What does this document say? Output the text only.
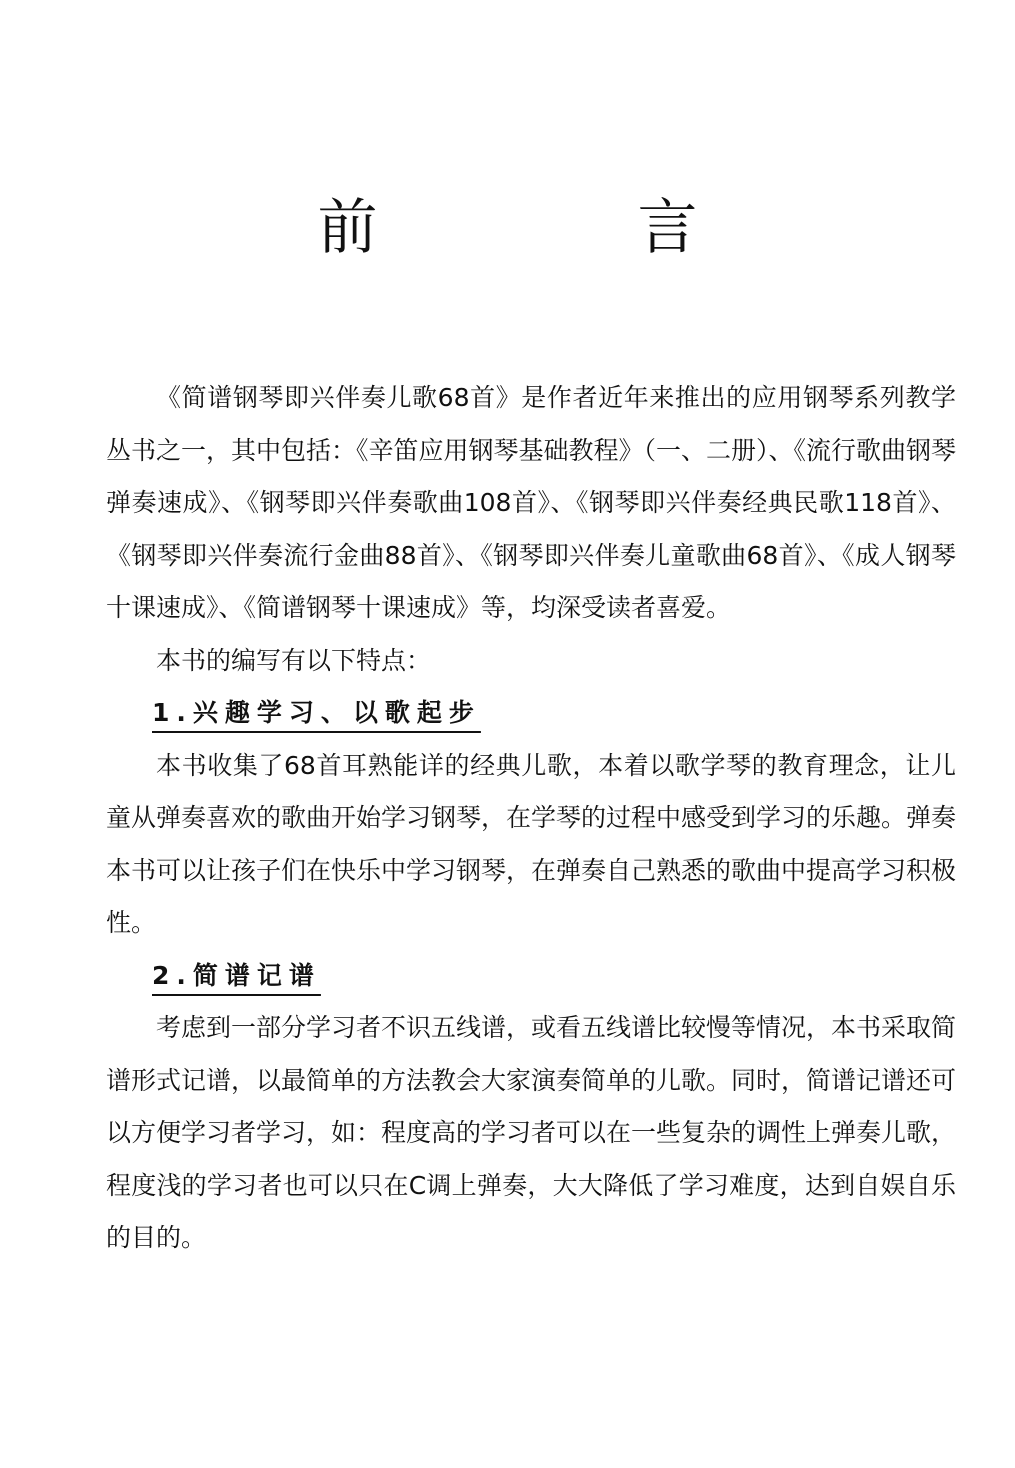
前　言

《简谱钢琴即兴伴奏儿歌68首》是作者近年来推出的应用钢琴系列教学丛书之一，其中包括：《辛笛应用钢琴基础教程》（一、二册）、《流行歌曲钢琴弹奏速成》、《钢琴即兴伴奏歌曲108首》、《钢琴即兴伴奏经典民歌118首》、《钢琴即兴伴奏流行金曲88首》、《钢琴即兴伴奏儿童歌曲68首》、《成人钢琴十课速成》、《简谱钢琴十课速成》等，均深受读者喜爱。

本书的编写有以下特点：

1.兴趣学习、以歌起步

本书收集了68首耳熟能详的经典儿歌，本着以歌学琴的教育理念，让儿童从弹奏喜欢的歌曲开始学习钢琴，在学琴的过程中感受到学习的乐趣。弹奏本书可以让孩子们在快乐中学习钢琴，在弹奏自己熟悉的歌曲中提高学习积极性。

2.简谱记谱

考虑到一部分学习者不识五线谱，或看五线谱比较慢等情况，本书采取简谱形式记谱，以最简单的方法教会大家演奏简单的儿歌。同时，简谱记谱还可以方便学习者学习，如：程度高的学习者可以在一些复杂的调性上弹奏儿歌，程度浅的学习者也可以只在C调上弹奏，大大降低了学习难度，达到自娱自乐的目的。
